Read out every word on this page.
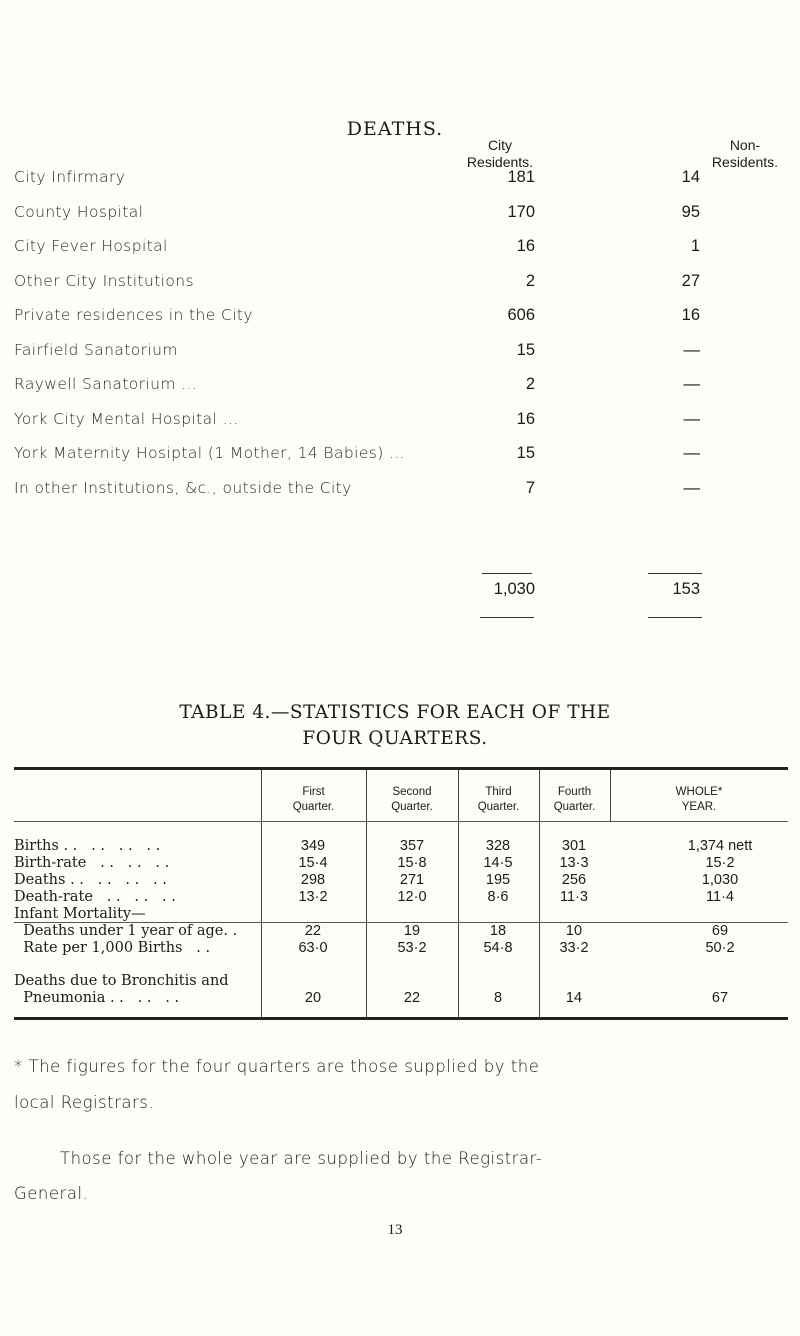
DEATHS.
City
Residents.
Non-
Residents.
City Infirmary	181	14
County Hospital	170	95
City Fever Hospital	16	1
Other City Institutions	2	27
Private residences in the City	606	16
Fairfield Sanatorium	15	—
Raywell Sanatorium ...	2	—
York City Mental Hospital ...	16	—
York Maternity Hosiptal (1 Mother, 14 Babies) ...	15	—
In other Institutions, &c., outside the City	7	—
1,030	153
TABLE 4.—STATISTICS FOR EACH OF THE
FOUR QUARTERS.
First
Quarter.
Second
Quarter.
Third
Quarter.
Fourth
Quarter.
WHOLE*
YEAR.
Births . .   . .   . .   . .	349	357	328	301	1,374 nett
Birth-rate   . .   . .   . .	15·4	15·8	14·5	13·3	15·2
Deaths . .   . .   . .   . .	298	271	195	256	1,030
Death-rate   . .   . .   . .	13·2	12·0	8·6	11·3	11·4
Infant Mortality—
Deaths under 1 year of age. .	22	19	18	10	69
Rate per 1,000 Births   . .	63·0	53·2	54·8	33·2	50·2
Deaths due to Bronchitis and
Pneumonia . .   . .   . .	20	22	8	14	67
* The figures for the four quarters are those supplied by the
local Registrars.
Those for the whole year are supplied by the Registrar-
General.
13
